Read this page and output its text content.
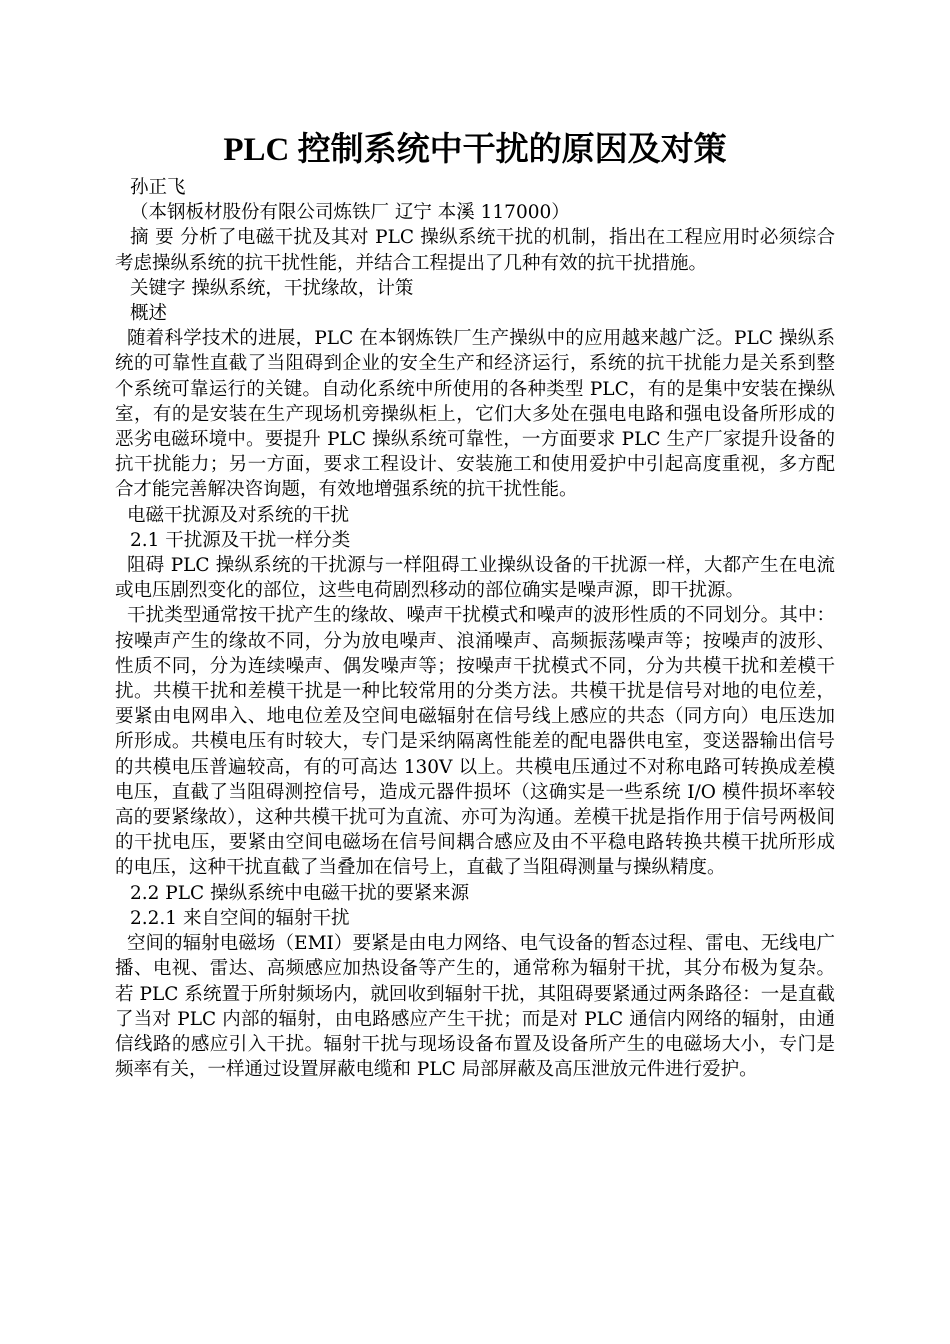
PLC 控制系统中干扰的原因及对策

孙正飞

（本钢板材股份有限公司炼铁厂 辽宁 本溪 117000）

摘 要 分析了电磁干扰及其对 PLC 操纵系统干扰的机制，指出在工程应用时必须综合考虑操纵系统的抗干扰性能，并结合工程提出了几种有效的抗干扰措施。

关键字 操纵系统，干扰缘故，计策

概述

随着科学技术的进展，PLC 在本钢炼铁厂生产操纵中的应用越来越广泛。PLC 操纵系统的可靠性直截了当阻碍到企业的安全生产和经济运行，系统的抗干扰能力是关系到整个系统可靠运行的关键。自动化系统中所使用的各种类型 PLC，有的是集中安装在操纵室，有的是安装在生产现场机旁操纵柜上，它们大多处在强电电路和强电设备所形成的恶劣电磁环境中。要提升 PLC 操纵系统可靠性，一方面要求 PLC 生产厂家提升设备的抗干扰能力；另一方面，要求工程设计、安装施工和使用爱护中引起高度重视，多方配合才能完善解决咨询题，有效地增强系统的抗干扰性能。

电磁干扰源及对系统的干扰

2.1 干扰源及干扰一样分类

阻碍 PLC 操纵系统的干扰源与一样阻碍工业操纵设备的干扰源一样，大都产生在电流或电压剧烈变化的部位，这些电荷剧烈移动的部位确实是噪声源，即干扰源。

干扰类型通常按干扰产生的缘故、噪声干扰模式和噪声的波形性质的不同划分。其中：按噪声产生的缘故不同，分为放电噪声、浪涌噪声、高频振荡噪声等；按噪声的波形、性质不同，分为连续噪声、偶发噪声等；按噪声干扰模式不同，分为共模干扰和差模干扰。共模干扰和差模干扰是一种比较常用的分类方法。共模干扰是信号对地的电位差，要紧由电网串入、地电位差及空间电磁辐射在信号线上感应的共态（同方向）电压迭加所形成。共模电压有时较大，专门是采纳隔离性能差的配电器供电室，变送器输出信号的共模电压普遍较高，有的可高达 130V 以上。共模电压通过不对称电路可转换成差模电压，直截了当阻碍测控信号，造成元器件损坏（这确实是一些系统 I/O 模件损坏率较高的要紧缘故），这种共模干扰可为直流、亦可为沟通。差模干扰是指作用于信号两极间的干扰电压，要紧由空间电磁场在信号间耦合感应及由不平稳电路转换共模干扰所形成的电压，这种干扰直截了当叠加在信号上，直截了当阻碍测量与操纵精度。

2.2 PLC 操纵系统中电磁干扰的要紧来源

2.2.1 来自空间的辐射干扰

空间的辐射电磁场（EMI）要紧是由电力网络、电气设备的暂态过程、雷电、无线电广播、电视、雷达、高频感应加热设备等产生的，通常称为辐射干扰，其分布极为复杂。若 PLC 系统置于所射频场内，就回收到辐射干扰，其阻碍要紧通过两条路径：一是直截了当对 PLC 内部的辐射，由电路感应产生干扰；而是对 PLC 通信内网络的辐射，由通信线路的感应引入干扰。辐射干扰与现场设备布置及设备所产生的电磁场大小，专门是频率有关，一样通过设置屏蔽电缆和 PLC 局部屏蔽及高压泄放元件进行爱护。
